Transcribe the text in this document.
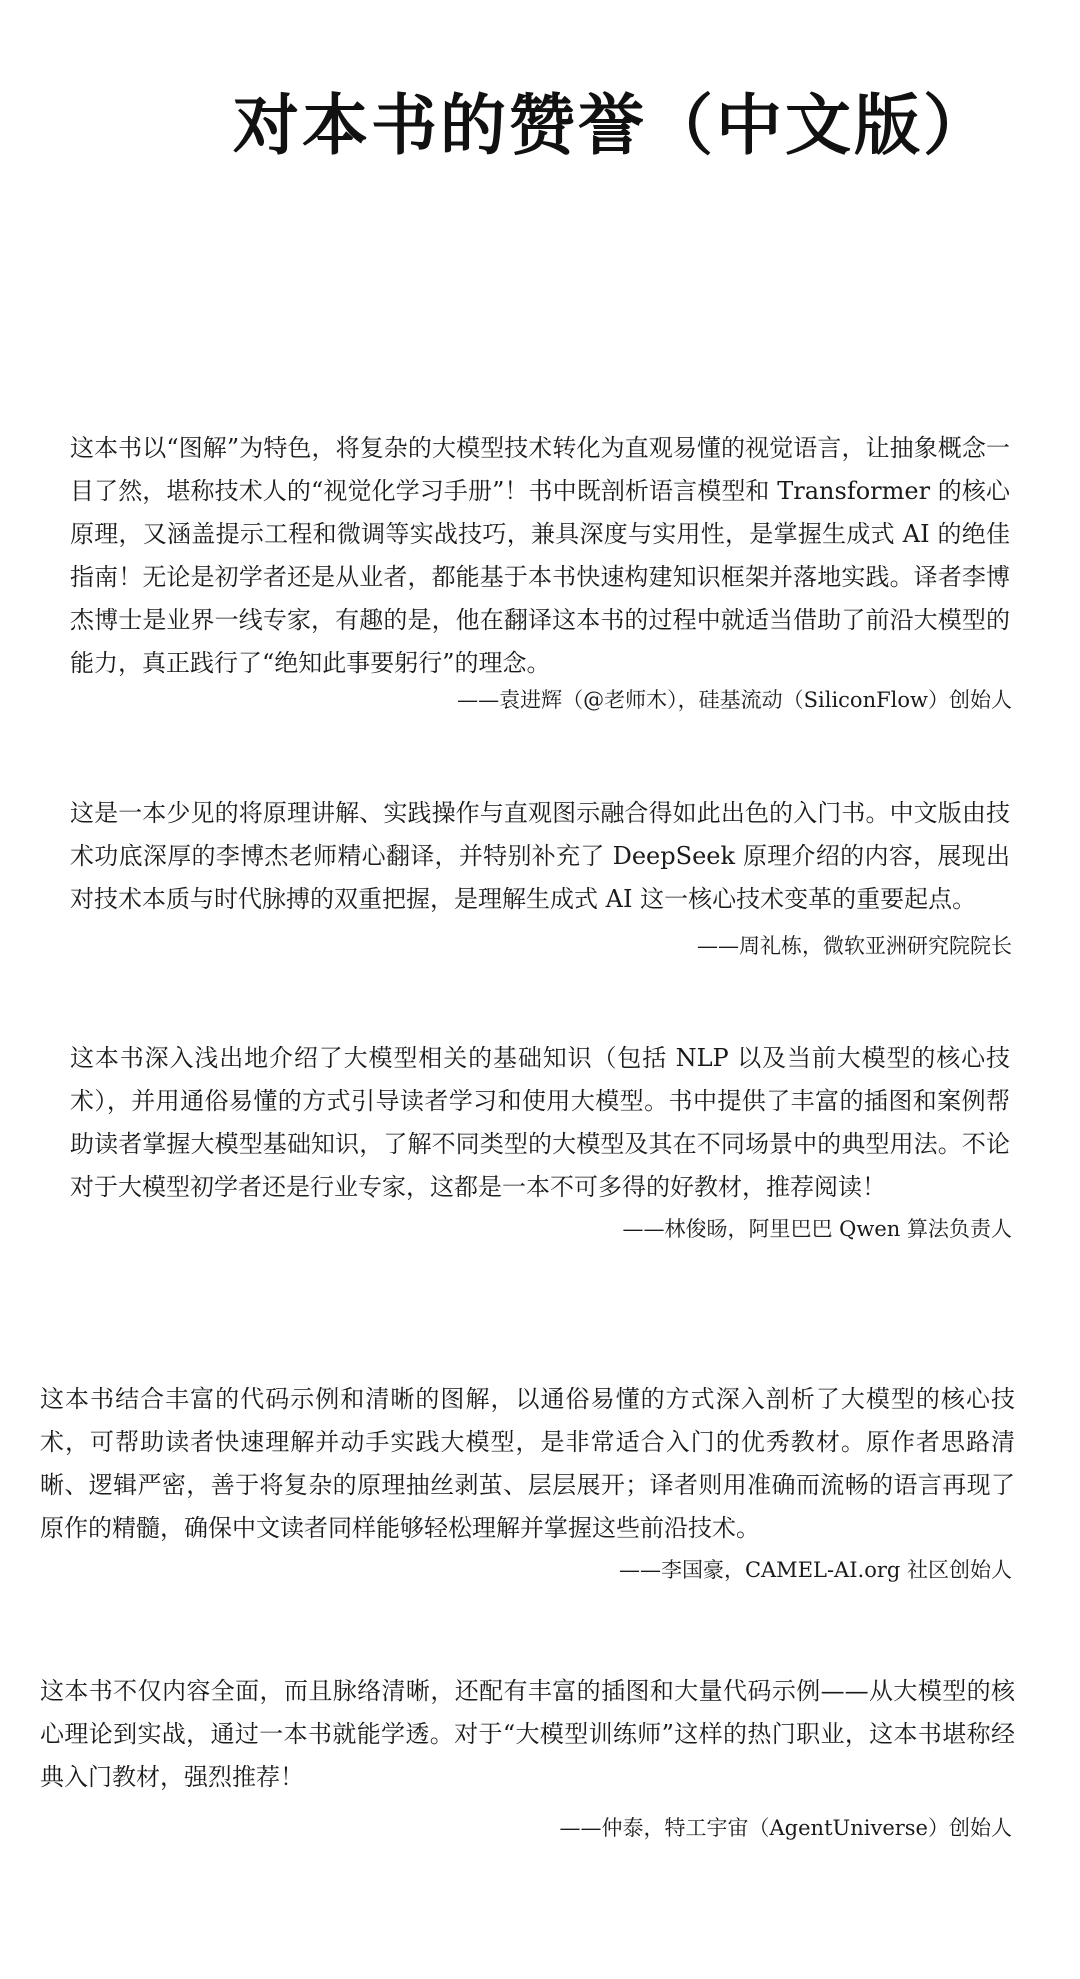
对本书的赞誉（中文版）

这本书以“图解”为特色，将复杂的大模型技术转化为直观易懂的视觉语言，让抽象概念一目了然，堪称技术人的“视觉化学习手册”！书中既剖析语言模型和 Transformer 的核心原理，又涵盖提示工程和微调等实战技巧，兼具深度与实用性，是掌握生成式 AI 的绝佳指南！无论是初学者还是从业者，都能基于本书快速构建知识框架并落地实践。译者李博杰博士是业界一线专家，有趣的是，他在翻译这本书的过程中就适当借助了前沿大模型的能力，真正践行了“绝知此事要躬行”的理念。

——袁进辉（@老师木），硅基流动（SiliconFlow）创始人

这是一本少见的将原理讲解、实践操作与直观图示融合得如此出色的入门书。中文版由技术功底深厚的李博杰老师精心翻译，并特别补充了 DeepSeek 原理介绍的内容，展现出对技术本质与时代脉搏的双重把握，是理解生成式 AI 这一核心技术变革的重要起点。

——周礼栋，微软亚洲研究院院长

这本书深入浅出地介绍了大模型相关的基础知识（包括 NLP 以及当前大模型的核心技术），并用通俗易懂的方式引导读者学习和使用大模型。书中提供了丰富的插图和案例帮助读者掌握大模型基础知识，了解不同类型的大模型及其在不同场景中的典型用法。不论对于大模型初学者还是行业专家，这都是一本不可多得的好教材，推荐阅读！

——林俊旸，阿里巴巴 Qwen 算法负责人

这本书结合丰富的代码示例和清晰的图解，以通俗易懂的方式深入剖析了大模型的核心技术，可帮助读者快速理解并动手实践大模型，是非常适合入门的优秀教材。原作者思路清晰、逻辑严密，善于将复杂的原理抽丝剥茧、层层展开；译者则用准确而流畅的语言再现了原作的精髓，确保中文读者同样能够轻松理解并掌握这些前沿技术。

——李国豪，CAMEL-AI.org 社区创始人

这本书不仅内容全面，而且脉络清晰，还配有丰富的插图和大量代码示例——从大模型的核心理论到实战，通过一本书就能学透。对于“大模型训练师”这样的热门职业，这本书堪称经典入门教材，强烈推荐！

——仲泰，特工宇宙（AgentUniverse）创始人
